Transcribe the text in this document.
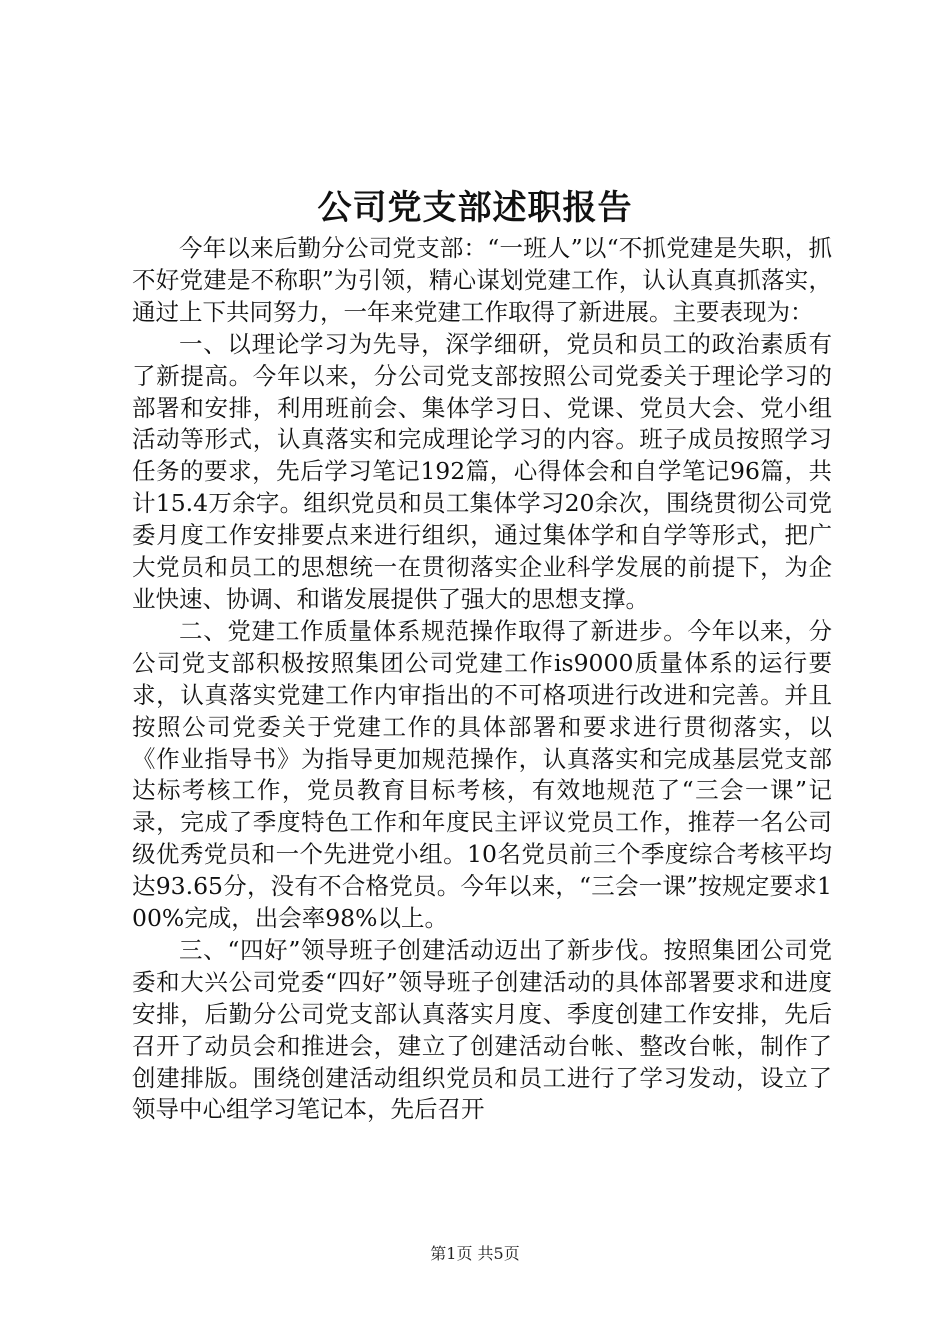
公司党支部述职报告

今年以来后勤分公司党支部：“一班人”以“不抓党建是失职，抓不好党建是不称职”为引领，精心谋划党建工作，认认真真抓落实，通过上下共同努力，一年来党建工作取得了新进展。主要表现为：

一、以理论学习为先导，深学细研，党员和员工的政治素质有了新提高。今年以来，分公司党支部按照公司党委关于理论学习的部署和安排，利用班前会、集体学习日、党课、党员大会、党小组活动等形式，认真落实和完成理论学习的内容。班子成员按照学习任务的要求，先后学习笔记192篇，心得体会和自学笔记96篇，共计15.4万余字。组织党员和员工集体学习20余次，围绕贯彻公司党委月度工作安排要点来进行组织，通过集体学和自学等形式，把广大党员和员工的思想统一在贯彻落实企业科学发展的前提下，为企业快速、协调、和谐发展提供了强大的思想支撑。

二、党建工作质量体系规范操作取得了新进步。今年以来，分公司党支部积极按照集团公司党建工作is9000质量体系的运行要求，认真落实党建工作内审指出的不可格项进行改进和完善。并且按照公司党委关于党建工作的具体部署和要求进行贯彻落实，以《作业指导书》为指导更加规范操作，认真落实和完成基层党支部达标考核工作，党员教育目标考核，有效地规范了“三会一课”记录，完成了季度特色工作和年度民主评议党员工作，推荐一名公司级优秀党员和一个先进党小组。10名党员前三个季度综合考核平均达93.65分，没有不合格党员。今年以来，“三会一课”按规定要求100%完成，出会率98%以上。

三、“四好”领导班子创建活动迈出了新步伐。按照集团公司党委和大兴公司党委“四好”领导班子创建活动的具体部署要求和进度安排，后勤分公司党支部认真落实月度、季度创建工作安排，先后召开了动员会和推进会，建立了创建活动台帐、整改台帐，制作了创建排版。围绕创建活动组织党员和员工进行了学习发动，设立了领导中心组学习笔记本，先后召开

第1页 共5页
